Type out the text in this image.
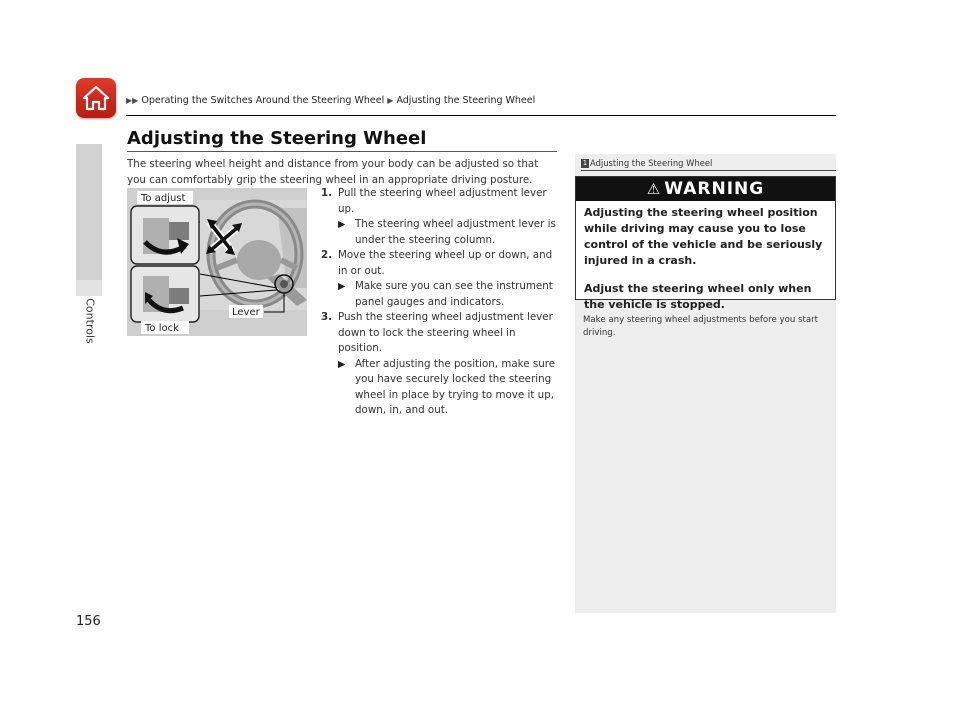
▶▶ Operating the Switches Around the Steering Wheel ▶ Adjusting the Steering Wheel
Controls
Adjusting the Steering Wheel
The steering wheel height and distance from your body can be adjusted so that you can comfortably grip the steering wheel in an appropriate driving posture.
To adjust
To lock
Lever
1. Pull the steering wheel adjustment lever up.
▶ The steering wheel adjustment lever is under the steering column.
2. Move the steering wheel up or down, and in or out.
▶ Make sure you can see the instrument panel gauges and indicators.
3. Push the steering wheel adjustment lever down to lock the steering wheel in position.
▶ After adjusting the position, make sure you have securely locked the steering wheel in place by trying to move it up, down, in, and out.
1 Adjusting the Steering Wheel
⚠ WARNING

Adjusting the steering wheel position while driving may cause you to lose control of the vehicle and be seriously injured in a crash.

Adjust the steering wheel only when the vehicle is stopped.

Make any steering wheel adjustments before you start driving.
156
